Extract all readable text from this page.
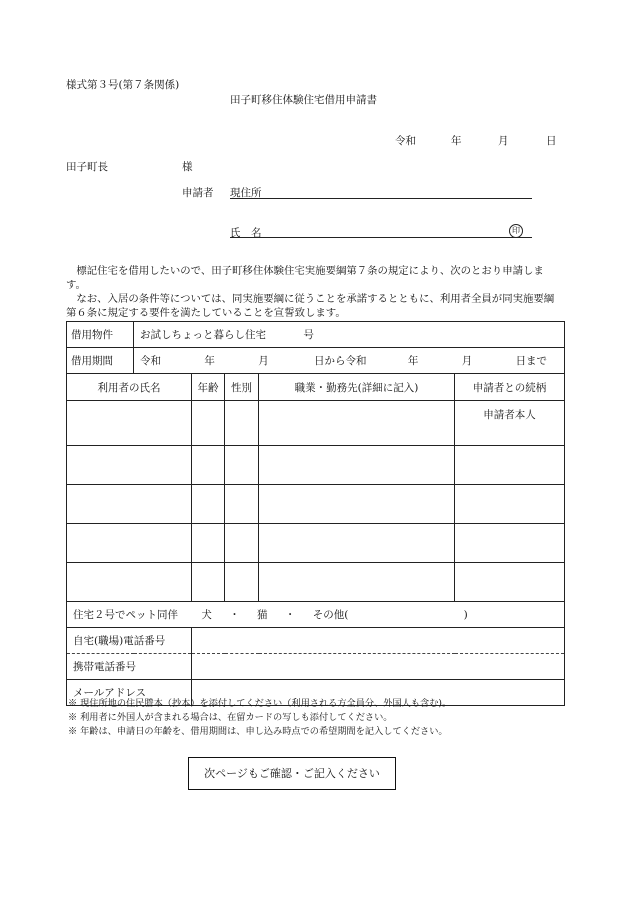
様式第３号(第７条関係)
田子町移住体験住宅借用申請書
令和	年	月	日
田子町長	様
申請者 現住所
氏　名	印
　標記住宅を借用したいので、田子町移住体験住宅実施要綱第７条の規定により、次のとおり申請します。
　なお、入居の条件等については、同実施要綱に従うことを承諾するとともに、利用者全員が同実施要綱第６条に規定する要件を満たしていることを宣誓致します。
借用物件	お試しちょっと暮らし住宅 号				
借用期間	令和 年 月 日から令和 年 月 日まで				
利用者の氏名		年齢	性別	職業・勤務先(詳細に記入)	申請者との続柄
					申請者本人

住宅２号でペット同伴 犬 ・ 猫 ・ その他( )					
自宅(職場)電話番号					
携帯電話番号					
メールアドレス					
※ 現住所地の住民謄本（抄本）を添付してください（利用される方全員分、外国人も含む)。
※ 利用者に外国人が含まれる場合は、在留カードの写しも添付してください。
※ 年齢は、申請日の年齢を、借用期間は、申し込み時点での希望期間を記入してください。
次ページもご確認・ご記入ください
